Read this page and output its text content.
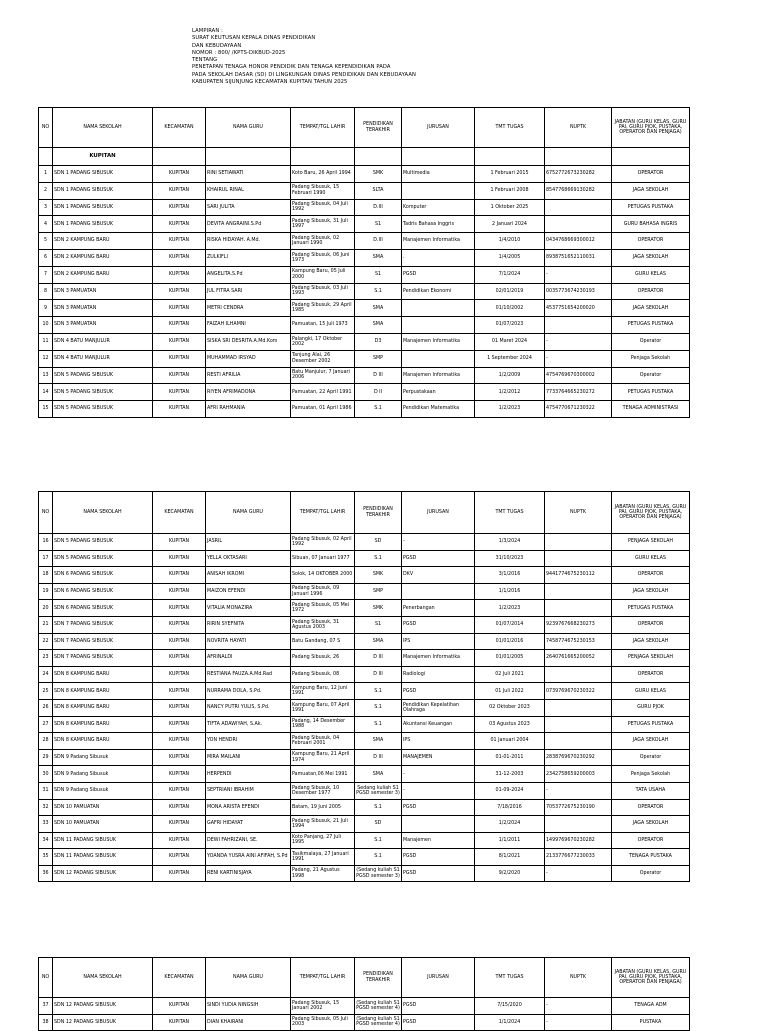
LAMPIRAN :
SURAT KEUTUSAN KEPALA DINAS PENDIDIKAN
DAN KEBUDAYAAN
NOMOR : 800/ /KPTS-DIKBUD-2025
TENTANG
PENETAPAN TENAGA HONOR PENDIDIK DAN TENAGA KEPENDIDIKAN PADA
PADA SEKOLAH DASAR (SD) DI LINGKUNGAN DINAS PENDIDIKAN DAN KEBUDAYAAN
KABUPATEN SIJUNJUNG KECAMATAN KUPITAN TAHUN 2025
NO	NAMA SEKOLAH	KECAMATAN	NAMA GURU	TEMPAT/TGL LAHIR	PENDIDIKAN TERAKHIR	JURUSAN	TMT TUGAS	NUPTK	JABATAN (GURU KELAS, GURU PAI, GURU PJOK, PUSTAKA, OPERATOR DAN PENJAGA)
	KUPITAN								
1	SDN 1 PADANG SIBUSUK	KUPITAN	RINI SETIAWATI	Koto Baru, 26 April 1994	SMK	Multimedia	1 Februari 2015	6752772673230282	OPERATOR
2	SDN 1 PADANG SIBUSUK	KUPITAN	KHAIRUL RINAL	Padang Sibusuk, 15 Februari 1990	SLTA		1 Februari 2008	8547768669130282	JAGA SEKOLAH
3	SDN 1 PADANG SIBUSUK	KUPITAN	SARI JULITA	Padang Sibusuk, 04 Juli 1992	D.III	Komputer	1 Oktober 2025		PETUGAS PUSTAKA
4	SDN 1 PADANG SIBUSUK	KUPITAN	DEVITA ANGRAINI.S.Pd	Padang Sibusuk, 31 Juli 1997	S1	Tadris Bahasa Inggris	2 Januari 2024		GURU BAHASA INGRIS
5	SDN 2 KAMPUNG BARU	KUPITAN	RISKA HIDAYAH. A.Md.	Padang Sibusuk, 02 Januari 1990	D.III	Manajemen Informatika	1/4/2010	0434768669300012	OPERATOR
6	SDN 2 KAMPUNG BARU	KUPITAN	ZULKIFLI	Padang Sibusuk, 06 Juni 1973	SMA	.	1/4/2005	8938751652110031	JAGA SEKOLAH
7	SDN 2 KAMPUNG BARU	KUPITAN	ANGELITA.S.Pd	Kampung Baru, 05 Juli 2000	S1	PGSD	7/1/2024	-	GURU KELAS
8	SDN 3 PAMUATAN	KUPITAN	JUL FITRA SARI	Padang Sibusuk, 03 Juli 1993	S.1	Pendidikan Ekonomi	02/01/2019	0035773674230193	OPERATOR
9	SDN 3 PAMUATAN	KUPITAN	METRI CENDRA	Padang Sibusuk, 29 April 1985	SMA		01/10/2002	4537751654200020	JAGA SEKOLAH
10	SDN 3 PAMUATAN	KUPITAN	FAIZAH ILHAMNI	Pamuatan, 15 Juli 1973	SMA		01/07/2023		PETUGAS PUSTAKA
11	SDN 4 BATU MANJULUR	KUPITAN	SISKA SRI DESRITA.A.Md.Kom	Palangki, 17 Oktober 2002	D3	Manajemen Informatika	01 Maret 2024	-	Operator
12	SDN 4 BATU MANJULUR	KUPITAN	MUHAMMAD IRSYAD	Tanjung Alai, 26 Desember 2002	SMP		1 September 2024	-	Penjaga Sekolah
13	SDN 5 PADANG SIBUSUK	KUPITAN	RESTI AFRILIA	Batu Manjulur, 7 Januari 2006	D III	Manajemen Informatika	1/2/2009	4754769670300002	Operator
14	SDN 5 PADANG SIBUSUK	KUPITAN	RIYEN AFRIMADONA	Pamuatan, 22 April 1991	D II	Perpustakaan	1/2/2012	7733764665230272	PETUGAS PUSTAKA
15	SDN 5 PADANG SIBUSUK	KUPITAN	AFRI RAHMANIA	Pamuatan, 01 April 1986	S.1	Pendidikan Matematika	1/2/2023	4754770671230322	TENAGA ADMINISTRASI
NO	NAMA SEKOLAH	KECAMATAN	NAMA GURU	TEMPAT/TGL LAHIR	PENDIDIKAN TERAKHIR	JURUSAN	TMT TUGAS	NUPTK	JABATAN (GURU KELAS, GURU PAI, GURU PJOK, PUSTAKA, OPERATOR DAN PENJAGA)
16	SDN 5 PADANG SIBUSUK	KUPITAN	JASRIL	Padang Sibusuk, 02 April 1992	SD	-	1/3/2024		PENJAGA SEKOLAH
17	SDN 5 PADANG SIBUSUK	KUPITAN	YELLA OKTASARI	Sibuan, 07 Januari 1977	S.1	PGSD	31/10/2023		GURU KELAS
18	SDN 6 PADANG SIBUSUK	KUPITAN	ANISAH IKROMI	Solok, 14 OKTOBER 2000	SMK	DKV	3/1/2016	9441774675230112	OPERATOR
19	SDN 6 PADANG SIBUSUK	KUPITAN	MAIZON EFENDI	Padang Sibusuk, 09 Januari 1996	SMP		1/1/2016		JAGA SEKOLAH
20	SDN 6 PADANG SIBUSUK	KUPITAN	VITALIA MONAZIRA	Padang Sibusuk, 05 Mei 1972	SMK	Penerbangan	1/2/2023		PETUGAS PUSTAKA
21	SDN 7 PADANG SIBUSUK	KUPITAN	RIRIN SYEFNITA	Padang Sibusuk, 31 Agustus 2003	S1	PGSD	01/07/2014	9239767668230273	OPERATOR
22	SDN 7 PADANG SIBUSUK	KUPITAN	NOVRITA HAYATI	Batu Gandang, 07 S	SMA	IPS	01/01/2016	7458774675230153	JAGA SEKOLAH
23	SDN 7 PADANG SIBUSUK	KUPITAN	AFRINALDI	Padang Sibusuk, 26	D III	Manajemen Informatika	01/01/2005	2640761665200052	PENJAGA SEKOLAH
24	SDN 8 KAMPUNG BARU	KUPITAN	RESTIANA FAUZA.A.Md.Rad	Padang Sibusuk, 08	D III	Radiologi	02 Juli 2021		OPERATOR
25	SDN 8 KAMPUNG BARU	KUPITAN	NURRAMA DOLA, S.Pd.	Kampung Baru, 12 Juni 1991	S.1	PGSD	01 Juli 2022	0739769670230322	GURU KELAS
26	SDN 8 KAMPUNG BARU	KUPITAN	NANCY PUTRI YULIS, S.Pd.	Kampung Baru, 07 April 1991	S.1	Pendidikan Kepelatihan Olahraga	02 Oktober 2023		GURU PJOK
27	SDN 8 KAMPUNG BARU	KUPITAN	TIFTA ADAWIYAH, S.Ak.	Padang, 14 Desember 1988	S.1	Akuntansi Keuangan	03 Agustus 2023		PETUGAS PUSTAKA
28	SDN 8 KAMPUNG BARU	KUPITAN	YON HENDRI	Padang Sibusuk, 04 Februari 2001	SMA	IPS	01 Januari 2004		JAGA SEKOLAH
29	SDN 9 Padang Sibusuk	KUPITAN	MIRA MAILANI	Kampung Baru, 21 April 1974	D III	MANAJEMEN	01-01-2011	2838769670230292	Operator
30	SDN 9 Padang Sibusuk	KUPITAN	HERPENDI	Pamuatan,06 Mei 1991	SMA	-	31-12-2003	2342758659200003	Penjaga Sekolah
31	SDN 9 Padang Sibusuk	KUPITAN	SEPTRIANI IBRAHIM	Padang Sibusuk, 10 Desember 1977	Sedang kuliah S1 PGSD semester 3)	-	01-09-2024	-	TATA USAHA
32	SDN 10 PAMUATAN	KUPITAN	MONA ARISTA EFENDI	Batam, 19 Juni 2005	S.1	PGSD	7/18/2016	7053772675230190	OPERATOR
33	SDN 10 PAMUATAN	KUPITAN	GAFRI HIDAYAT	Padang Sibusuk, 21 Juli 1994	SD		1/2/2024		JAGA SEKOLAH
34	SDN 11 PADANG SIBUSUK	KUPITAN	DEWI FAHRIZANI, SE.	Koto Panjang, 27 Juli 1995	S.1	Manajemen	1/1/2011	1499769670230282	OPERATOR
35	SDN 11 PADANG SIBUSUK	KUPITAN	YOANDA YUSRA AINI AFIFAH, S.Pd	Tasikmalaya, 27 Januari 1991	S.1	PGSD	8/1/2021	2133776677230033	TENAGA PUSTAKA
36	SDN 12 PADANG SIBUSUK	KUPITAN	RENI KARTINISJAYA	Padang, 21 Agustus 1998	(Sedang kuliah S1 PGSD semester 3)	PGSD	9/2/2020	-	Operator
NO	NAMA SEKOLAH	KECAMATAN	NAMA GURU	TEMPAT/TGL LAHIR	PENDIDIKAN TERAKHIR	JURUSAN	TMT TUGAS	NUPTK	JABATAN (GURU KELAS, GURU PAI, GURU PJOK, PUSTAKA, OPERATOR DAN PENJAGA)
37	SDN 12 PADANG SIBUSUK	KUPITAN	SINDI YUDIA NINGSIH	Padang Sibusuk, 15 Januari 2002	(Sedang kuliah S1 PGSD semester 4)	PGSD	7/15/2020	-	TENAGA ADM
38	SDN 12 PADANG SIBUSUK	KUPITAN	DIAN KHAIRANI	Padang Sibusuk, 05 Juli 2003	(Sedang kuliah S1 PGSD semester 4)	PGSD	1/1/2024	-	PUSTAKA
